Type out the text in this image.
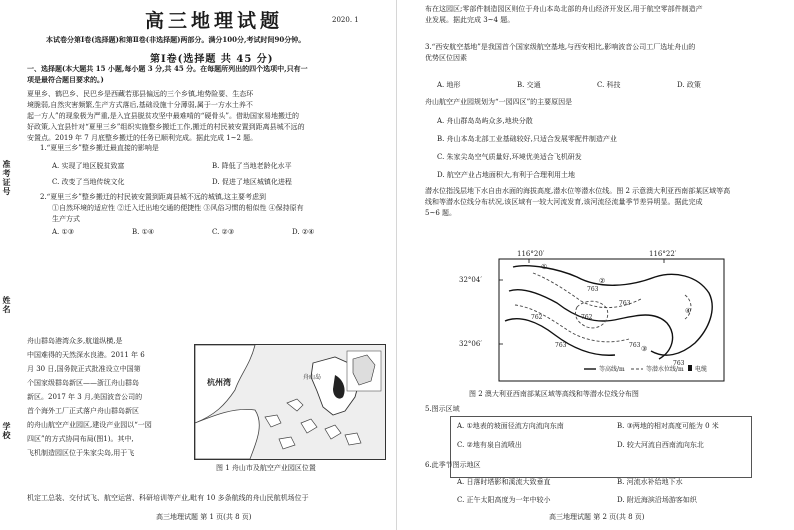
准考证号
姓名
学校
高三地理试题	2020. 1
本试卷分第Ⅰ卷(选择题)和第Ⅱ卷(非选择题)两部分。满分100分,考试时间90分钟。
第Ⅰ卷(选择题 共 45 分)
一、选择题(本大题共 15 小题,每小题 3 分,共 45 分。在每题所列出的四个选项中,只有一
项是最符合题目要求的。)
夏里乡、鹤巴乡、民巴乡是西藏若那县偏远的三个乡镇,地势险要、生态环
境脆弱,自然灾害频繁,生产方式落后,基础设施十分薄弱,属于一方水土养不
起一方人”的现象极为严重,是入宜县脱贫攻坚中最难啃的“硬骨头”。借助国家易地搬迁的
好政策,入宜县针对“夏里三乡”组织实施整乡搬迁工作,搬迁的村民被安置到距离县城不远的
安置点。2019 年 7 月底整乡搬迁的任务已顺利完成。据此完成 1~2 题。
1.“夏里三乡”整乡搬迁最直接的影响是
A. 实现了地区脱贫致富	B. 降低了当地老龄化水平
C. 改变了当地传统文化	D. 促进了地区城镇化进程
2.“夏里三乡”整乡搬迁的村民被安置到距离县城不远的城镇,这主要考虑到
①自然环境的适应性 ②迁入迁出地交通的便捷性 ③风俗习惯的相似性 ④保持原有
生产方式
A. ①③	B. ①④	C. ②③	D. ②④
舟山群岛港湾众多,航道纵横,是
中国难得的天然深水良港。2011 年 6
月 30 日,国务院正式批准设立中国第
个国家级群岛新区——浙江舟山群岛
新区。2017 年 3 月,美国波音公司的
首个海外工厂正式落户舟山群岛新区
的舟山航空产业园区,建设产业园以“一园
四区”的方式协同布局(图1)。其中,
飞机制造园区位于朱家尖岛,用于飞
机定工总装、交付试飞、航空运营、科研培训等产业,毗有 10 多条航线的舟山民航机场位于
杭州湾	舟山岛
图 1 舟山市及航空产业园区位置
高三地理试题 第 1 页(共 8 页)
布在这园区;零部件制造园区则位于舟山本岛北部的舟山经济开发区,用于航空零部件制造产
业发展。据此完成 3~4 题。
3.“西安航空基地”是我国首个国家级航空基地,与西安相比,影响波音公司工厂选址舟山的
优势区位因素
A. 地形	B. 交通	C. 科技	D. 政策
舟山航空产业园规划为“一园四区”的主要原因是
A. 舟山群岛岛屿众多,地块分散
B. 舟山本岛北部工业基础较好,只适合发展零配件制造产业
C. 朱家尖岛空气质量好,环境优美适合飞机研发
D. 航空产业占地面积大,有利于合理利用土地
潜水位指浅层地下水自由水面的海拔高度,潜水位等潜水位线。图 2 示意澳大利亚西南部某区域等高
线和等潜水位线分布状况,该区域有一较大河流发育,该河流径流量季节差异明显。据此完成
5~6 题。
116°20′	116°22′
32°04′
32°06′
763
762
763
763
762
763
763
①
②
③
④
等高线/m	等潜水位线/m 电缆
图 2 澳大利亚西南部某区域等高线和等潜水位线分布图
5.图示区域
A. ①地表的坡面径流方向流向东南	B. ③两地的相对高度可能为 0 米
C. ②地有泉自流喷出	D. 较大河流自西南流向东北
6.此季节图示地区
A. 日落时塔影和溪流大致垂直	B. 河流水补给地下水
C. 正午太阳高度为一年中较小	D. 附近海滨沿场游客如织
高三地理试题 第 2 页(共 8 页)
